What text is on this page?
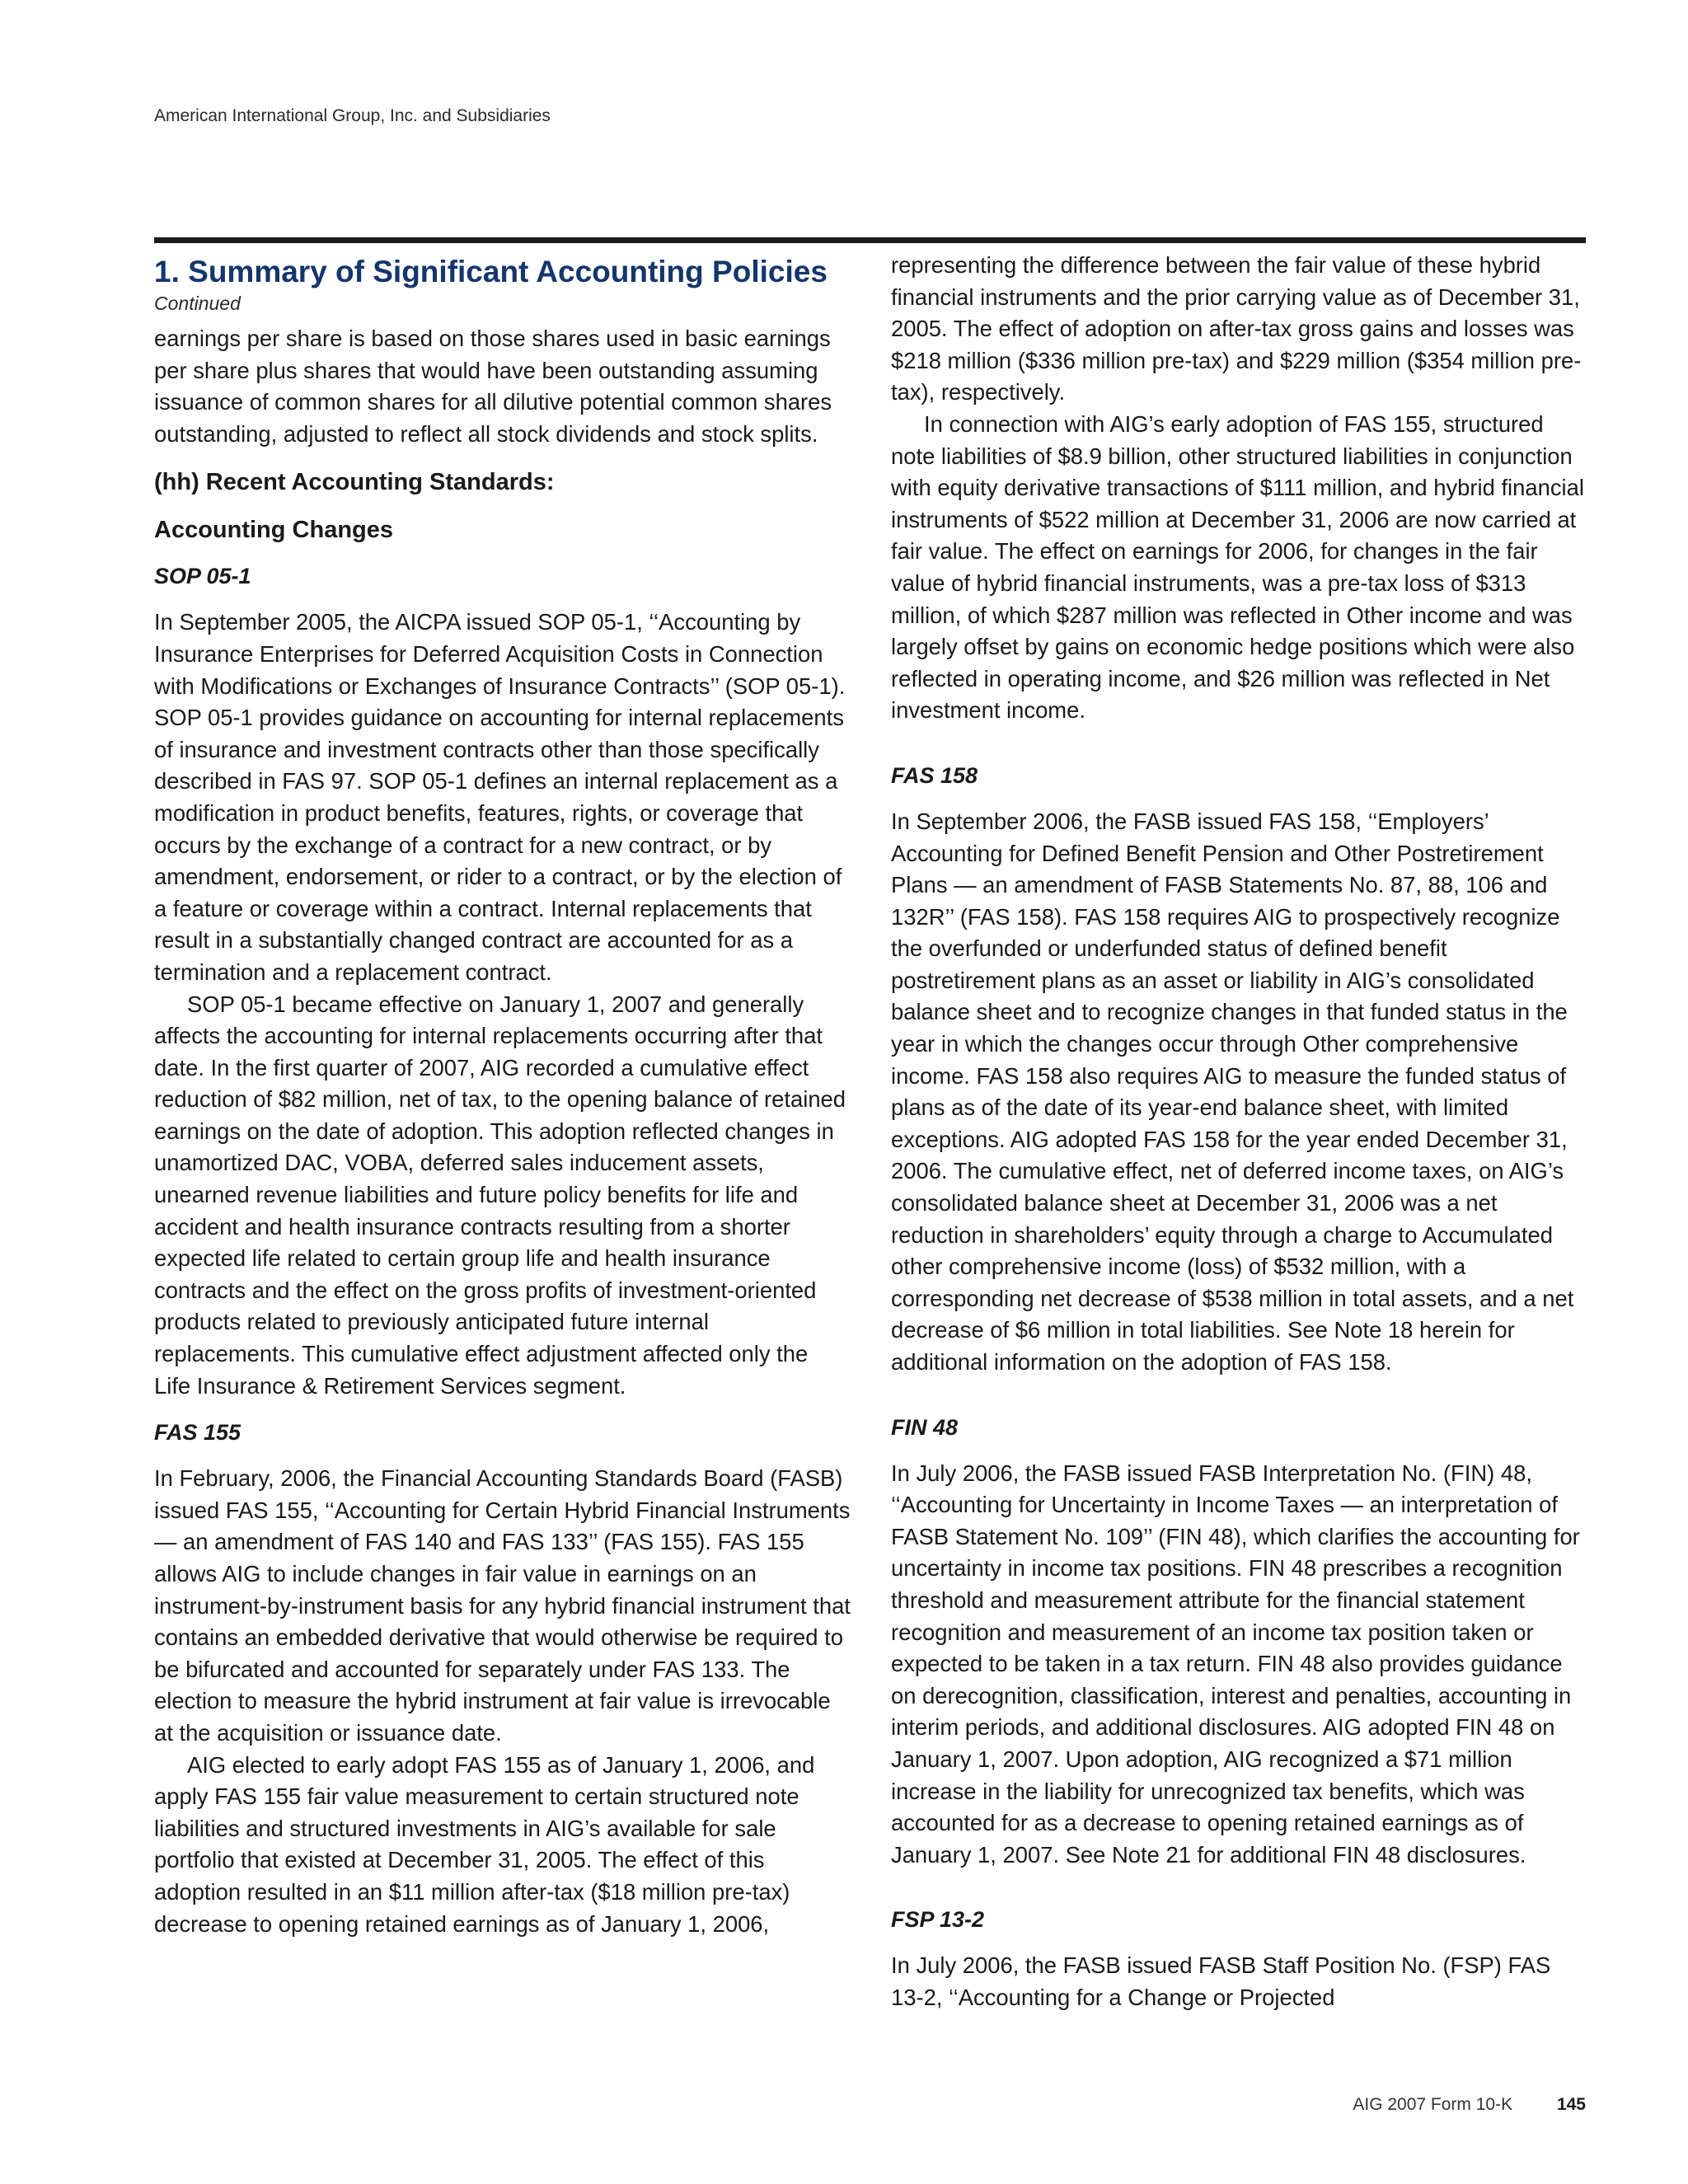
American International Group, Inc. and Subsidiaries
1. Summary of Significant Accounting Policies
Continued

earnings per share is based on those shares used in basic earnings per share plus shares that would have been outstanding assuming issuance of common shares for all dilutive potential common shares outstanding, adjusted to reflect all stock dividends and stock splits.

(hh) Recent Accounting Standards:
Accounting Changes
SOP 05-1

In September 2005, the AICPA issued SOP 05-1, ‘‘Accounting by Insurance Enterprises for Deferred Acquisition Costs in Connection with Modifications or Exchanges of Insurance Contracts’’ (SOP 05-1). SOP 05-1 provides guidance on accounting for internal replacements of insurance and investment contracts other than those specifically described in FAS 97. SOP 05-1 defines an internal replacement as a modification in product benefits, features, rights, or coverage that occurs by the exchange of a contract for a new contract, or by amendment, endorsement, or rider to a contract, or by the election of a feature or coverage within a contract. Internal replacements that result in a substantially changed contract are accounted for as a termination and a replacement contract.

SOP 05-1 became effective on January 1, 2007 and generally affects the accounting for internal replacements occurring after that date. In the first quarter of 2007, AIG recorded a cumulative effect reduction of $82 million, net of tax, to the opening balance of retained earnings on the date of adoption. This adoption reflected changes in unamortized DAC, VOBA, deferred sales inducement assets, unearned revenue liabilities and future policy benefits for life and accident and health insurance contracts resulting from a shorter expected life related to certain group life and health insurance contracts and the effect on the gross profits of investment-oriented products related to previously anticipated future internal replacements. This cumulative effect adjustment affected only the Life Insurance & Retirement Services segment.

FAS 155

In February, 2006, the Financial Accounting Standards Board (FASB) issued FAS 155, ‘‘Accounting for Certain Hybrid Financial Instruments — an amendment of FAS 140 and FAS 133’’ (FAS 155). FAS 155 allows AIG to include changes in fair value in earnings on an instrument-by-instrument basis for any hybrid financial instrument that contains an embedded derivative that would otherwise be required to be bifurcated and accounted for separately under FAS 133. The election to measure the hybrid instrument at fair value is irrevocable at the acquisition or issuance date.

AIG elected to early adopt FAS 155 as of January 1, 2006, and apply FAS 155 fair value measurement to certain structured note liabilities and structured investments in AIG’s available for sale portfolio that existed at December 31, 2005. The effect of this adoption resulted in an $11 million after-tax ($18 million pre-tax) decrease to opening retained earnings as of January 1, 2006,

representing the difference between the fair value of these hybrid financial instruments and the prior carrying value as of December 31, 2005. The effect of adoption on after-tax gross gains and losses was $218 million ($336 million pre-tax) and $229 million ($354 million pre-tax), respectively.

In connection with AIG’s early adoption of FAS 155, structured note liabilities of $8.9 billion, other structured liabilities in conjunction with equity derivative transactions of $111 million, and hybrid financial instruments of $522 million at December 31, 2006 are now carried at fair value. The effect on earnings for 2006, for changes in the fair value of hybrid financial instruments, was a pre-tax loss of $313 million, of which $287 million was reflected in Other income and was largely offset by gains on economic hedge positions which were also reflected in operating income, and $26 million was reflected in Net investment income.

FAS 158

In September 2006, the FASB issued FAS 158, ‘‘Employers’ Accounting for Defined Benefit Pension and Other Postretirement Plans — an amendment of FASB Statements No. 87, 88, 106 and 132R’’ (FAS 158). FAS 158 requires AIG to prospectively recognize the overfunded or underfunded status of defined benefit postretirement plans as an asset or liability in AIG’s consolidated balance sheet and to recognize changes in that funded status in the year in which the changes occur through Other comprehensive income. FAS 158 also requires AIG to measure the funded status of plans as of the date of its year-end balance sheet, with limited exceptions. AIG adopted FAS 158 for the year ended December 31, 2006. The cumulative effect, net of deferred income taxes, on AIG’s consolidated balance sheet at December 31, 2006 was a net reduction in shareholders’ equity through a charge to Accumulated other comprehensive income (loss) of $532 million, with a corresponding net decrease of $538 million in total assets, and a net decrease of $6 million in total liabilities. See Note 18 herein for additional information on the adoption of FAS 158.

FIN 48

In July 2006, the FASB issued FASB Interpretation No. (FIN) 48, ‘‘Accounting for Uncertainty in Income Taxes — an interpretation of FASB Statement No. 109’’ (FIN 48), which clarifies the accounting for uncertainty in income tax positions. FIN 48 prescribes a recognition threshold and measurement attribute for the financial statement recognition and measurement of an income tax position taken or expected to be taken in a tax return. FIN 48 also provides guidance on derecognition, classification, interest and penalties, accounting in interim periods, and additional disclosures. AIG adopted FIN 48 on January 1, 2007. Upon adoption, AIG recognized a $71 million increase in the liability for unrecognized tax benefits, which was accounted for as a decrease to opening retained earnings as of January 1, 2007. See Note 21 for additional FIN 48 disclosures.

FSP 13-2

In July 2006, the FASB issued FASB Staff Position No. (FSP) FAS 13-2, ‘‘Accounting for a Change or Projected

AIG 2007 Form 10-K	145
